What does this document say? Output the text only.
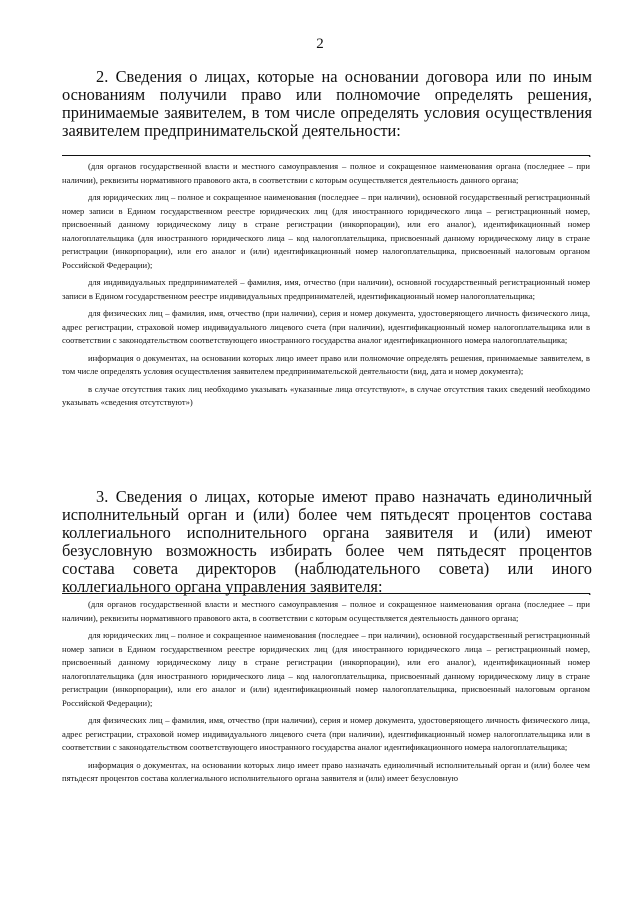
2
2. Сведения о лицах, которые на основании договора или по иным основаниям получили право или полномочие определять решения, принимаемые заявителем, в том числе определять условия осуществления заявителем предпринимательской деятельности:
.

(для органов государственной власти и местного самоуправления – полное и сокращенное наименования органа (последнее – при наличии), реквизиты нормативного правового акта, в соответствии с которым осуществляется деятельность данного органа;

для юридических лиц – полное и сокращенное наименования (последнее – при наличии), основной государственный регистрационный номер записи в Едином государственном реестре юридических лиц (для иностранного юридического лица – регистрационный номер, присвоенный данному юридическому лицу в стране регистрации (инкорпорации), или его аналог), идентификационный номер налогоплательщика (для иностранного юридического лица – код налогоплательщика, присвоенный данному юридическому лицу в стране регистрации (инкорпорации), или его аналог и (или) идентификационный номер налогоплательщика, присвоенный налоговым органом Российской Федерации);

для индивидуальных предпринимателей – фамилия, имя, отчество (при наличии), основной государственный регистрационный номер записи в Едином государственном реестре индивидуальных предпринимателей, идентификационный номер налогоплательщика;

для физических лиц – фамилия, имя, отчество (при наличии), серия и номер документа, удостоверяющего личность физического лица, адрес регистрации, страховой номер индивидуального лицевого счета (при наличии), идентификационный номер налогоплательщика или в соответствии с законодательством соответствующего иностранного государства аналог идентификационного номера налогоплательщика;

информация о документах, на основании которых лицо имеет право или полномочие определять решения, принимаемые заявителем, в том числе определять условия осуществления заявителем предпринимательской деятельности (вид, дата и номер документа);

в случае отсутствия таких лиц необходимо указывать «указанные лица отсутствуют», в случае отсутствия таких сведений необходимо указывать «сведения отсутствуют»)

3. Сведения о лицах, которые имеют право назначать единоличный исполнительный орган и (или) более чем пятьдесят процентов состава коллегиального исполнительного органа заявителя и (или) имеют безусловную возможность избирать более чем пятьдесят процентов состава совета директоров (наблюдательного совета) или иного коллегиального органа управления заявителя:	.

(для органов государственной власти и местного самоуправления – полное и сокращенное наименования органа (последнее – при наличии), реквизиты нормативного правового акта, в соответствии с которым осуществляется деятельность данного органа;

для юридических лиц – полное и сокращенное наименования (последнее – при наличии), основной государственный регистрационный номер записи в Едином государственном реестре юридических лиц (для иностранного юридического лица – регистрационный номер, присвоенный данному юридическому лицу в стране регистрации (инкорпорации), или его аналог), идентификационный номер налогоплательщика (для иностранного юридического лица – код налогоплательщика, присвоенный данному юридическому лицу в стране регистрации (инкорпорации), или его аналог и (или) идентификационный номер налогоплательщика, присвоенный налоговым органом Российской Федерации);

для физических лиц – фамилия, имя, отчество (при наличии), серия и номер документа, удостоверяющего личность физического лица, адрес регистрации, страховой номер индивидуального лицевого счета (при наличии), идентификационный номер налогоплательщика или в соответствии с законодательством соответствующего иностранного государства аналог идентификационного номера налогоплательщика;

информация о документах, на основании которых лицо имеет право назначать единоличный исполнительный орган и (или) более чем пятьдесят процентов состава коллегиального исполнительного органа заявителя и (или) имеет безусловную
